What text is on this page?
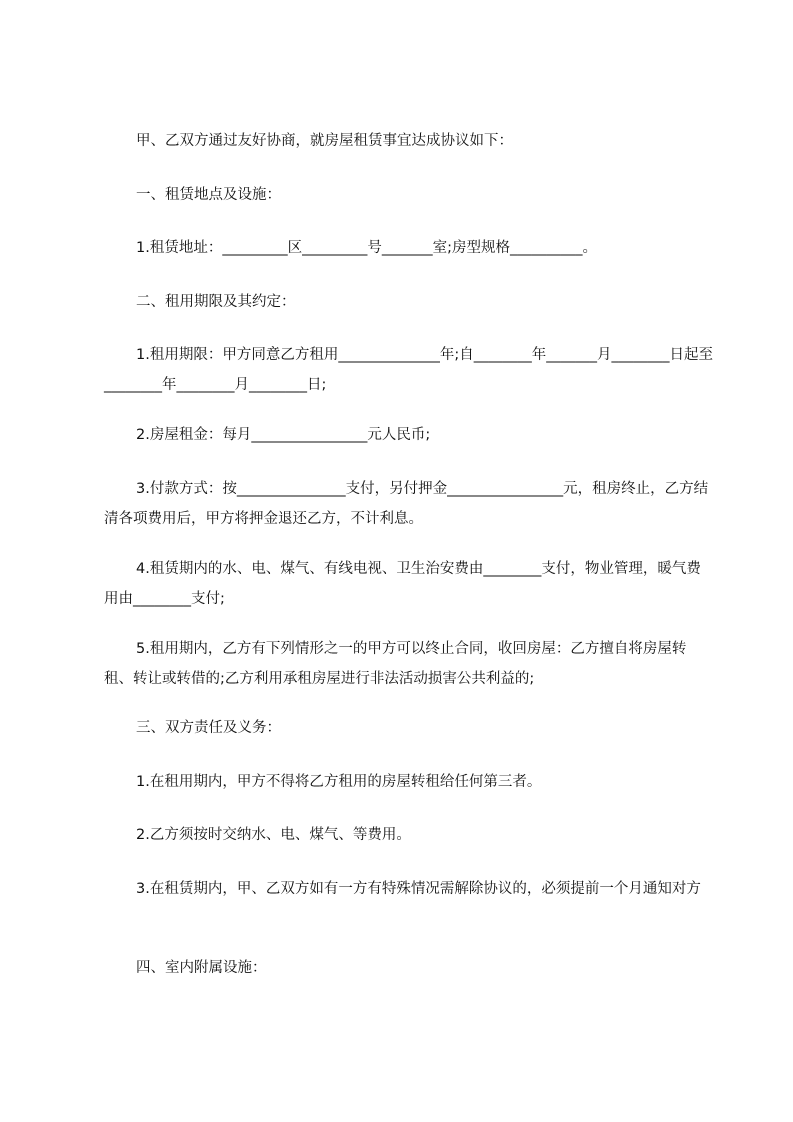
甲、乙双方通过友好协商，就房屋租赁事宜达成协议如下：

一、租赁地点及设施：

1.租赁地址：_________区_________号_______室;房型规格__________。

二、租用期限及其约定：

1.租用期限：甲方同意乙方租用______________年;自________年_______月________日起至________年________月________日;

2.房屋租金：每月________________元人民币;

3.付款方式：按_______________支付，另付押金________________元，租房终止，乙方结清各项费用后，甲方将押金退还乙方，不计利息。

4.租赁期内的水、电、煤气、有线电视、卫生治安费由________支付，物业管理，暖气费用由________支付;

5.租用期内，乙方有下列情形之一的甲方可以终止合同，收回房屋：乙方擅自将房屋转租、转让或转借的;乙方利用承租房屋进行非法活动损害公共利益的;

三、双方责任及义务：

1.在租用期内，甲方不得将乙方租用的房屋转租给任何第三者。

2.乙方须按时交纳水、电、煤气、等费用。

3.在租赁期内，甲、乙双方如有一方有特殊情况需解除协议的，必须提前一个月通知对方

四、室内附属设施：
